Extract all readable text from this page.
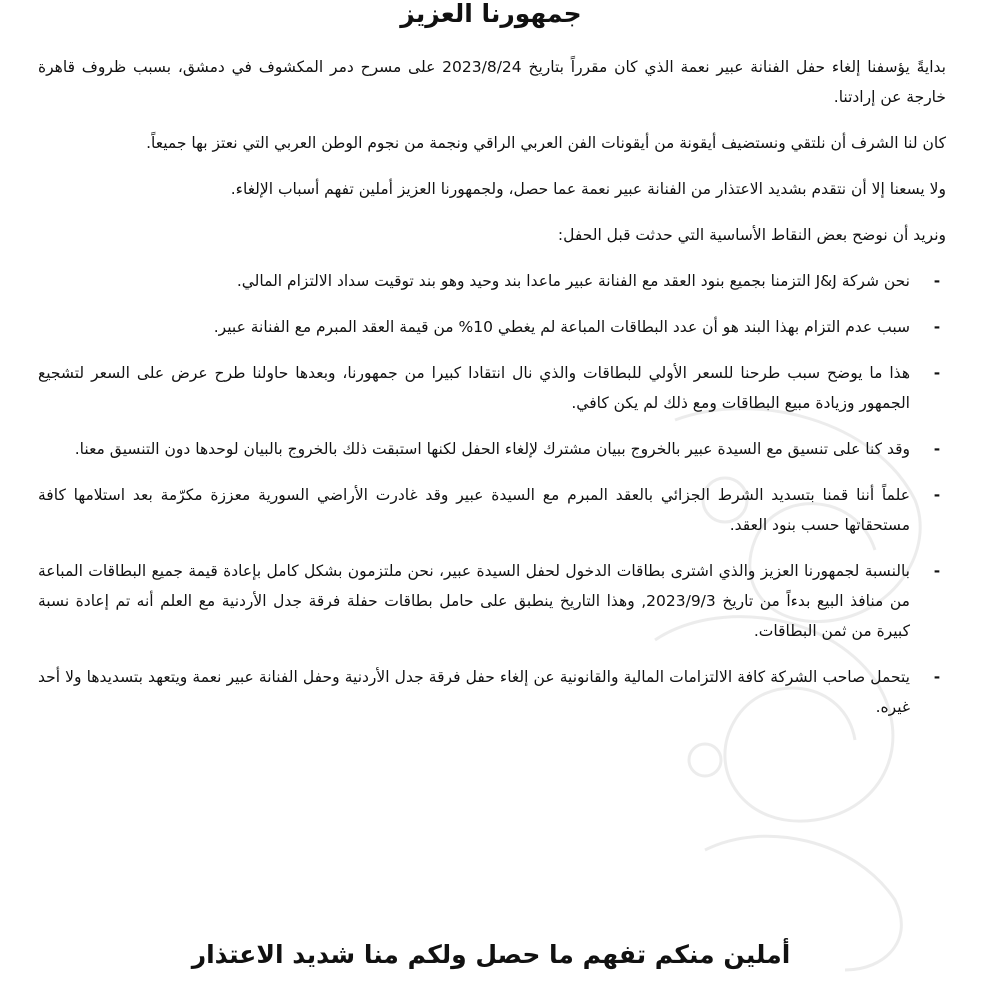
جمهورنا العزيز

بدايةً يؤسفنا إلغاء حفل الفنانة عبير نعمة الذي كان مقرراً بتاريخ 2023/8/24 على مسرح دمر المكشوف في دمشق، بسبب ظروف قاهرة خارجة عن إرادتنا.

كان لنا الشرف أن نلتقي ونستضيف أيقونة من أيقونات الفن العربي الراقي ونجمة من نجوم الوطن العربي التي نعتز بها جميعاً.

ولا يسعنا إلا أن نتقدم بشديد الاعتذار من الفنانة عبير نعمة عما حصل، ولجمهورنا العزيز أملين تفهم أسباب الإلغاء.

ونريد أن نوضح بعض النقاط الأساسية التي حدثت قبل الحفل:

-
نحن شركة J&J التزمنا بجميع بنود العقد مع الفنانة عبير ماعدا بند وحيد وهو بند توقيت سداد الالتزام المالي.
-
سبب عدم التزام بهذا البند هو أن عدد البطاقات المباعة لم يغطي 10% من قيمة العقد المبرم مع الفنانة عبير.
-
هذا ما يوضح سبب طرحنا للسعر الأولي للبطاقات والذي نال انتقادا كبيرا من جمهورنا، وبعدها حاولنا طرح عرض على السعر لتشجيع الجمهور وزيادة مبيع البطاقات ومع ذلك لم يكن كافي.
-
وقد كنا على تنسيق مع السيدة عبير بالخروج ببيان مشترك لإلغاء الحفل لكنها استبقت ذلك بالخروج بالبيان لوحدها دون التنسيق معنا.
-
علماً أننا قمنا بتسديد الشرط الجزائي بالعقد المبرم مع السيدة عبير وقد غادرت الأراضي السورية معززة مكرّمة بعد استلامها كافة مستحقاتها حسب بنود العقد.
-
بالنسبة لجمهورنا العزيز والذي اشترى بطاقات الدخول لحفل السيدة عبير، نحن ملتزمون بشكل كامل بإعادة قيمة جميع البطاقات المباعة من منافذ البيع بدءاً من تاريخ 2023/9/3, وهذا التاريخ ينطبق على حامل بطاقات حفلة فرقة جدل الأردنية مع العلم أنه تم إعادة نسبة كبيرة من ثمن البطاقات.
-
يتحمل صاحب الشركة كافة الالتزامات المالية والقانونية عن إلغاء حفل فرقة جدل الأردنية وحفل الفنانة عبير نعمة ويتعهد بتسديدها ولا أحد غيره.

أملين منكم تفهم ما حصل ولكم منا شديد الاعتذار
